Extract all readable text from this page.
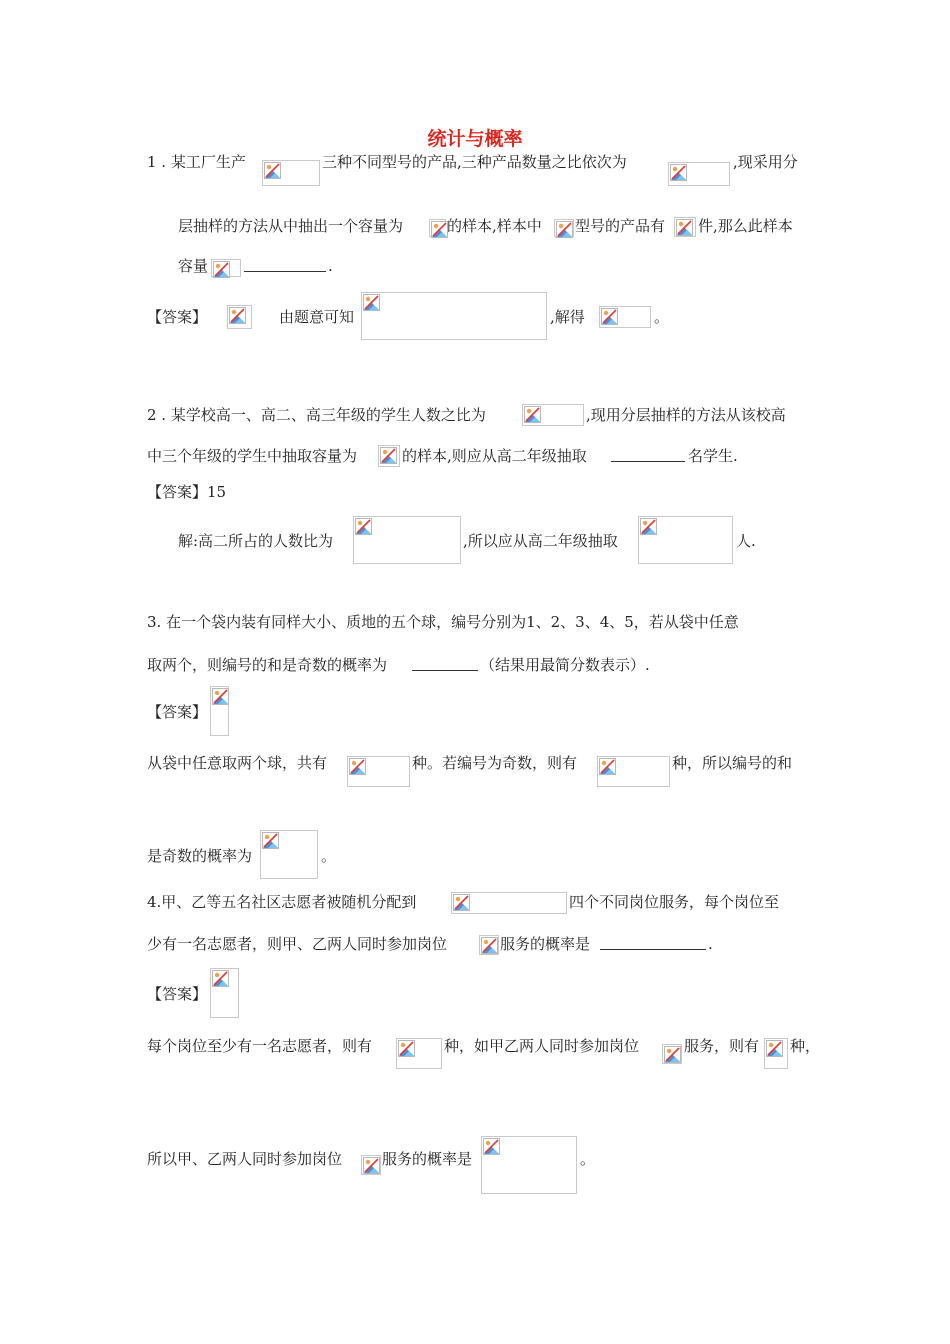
统计与概率
1 . 某工厂生产	三种不同型号的产品,三种产品数量之比依次为	,现采用分
层抽样的方法从中抽出一个容量为	的样本,样本中 型号的产品有 件,那么此样本
容量	.
【答案】	由题意可知	,解得	。
2 . 某学校高一、高二、高三年级的学生人数之比为	,现用分层抽样的方法从该校高
中三个年级的学生中抽取容量为	的样本,则应从高二年级抽取	名学生.
【答案】15
解:高二所占的人数比为	,所以应从高二年级抽取	人.
3. 在一个袋内装有同样大小、质地的五个球，编号分别为1、2、3、4、5，若从袋中任意
取两个，则编号的和是奇数的概率为	（结果用最简分数表示）.
【答案】
从袋中任意取两个球，共有	种。若编号为奇数，则有	种，所以编号的和
是奇数的概率为	。
4.甲、乙等五名社区志愿者被随机分配到	四个不同岗位服务，每个岗位至
少有一名志愿者，则甲、乙两人同时参加岗位	服务的概率是	.
【答案】
每个岗位至少有一名志愿者，则有	种，如甲乙两人同时参加岗位	服务，则有 种，
所以甲、乙两人同时参加岗位	服务的概率是	。
